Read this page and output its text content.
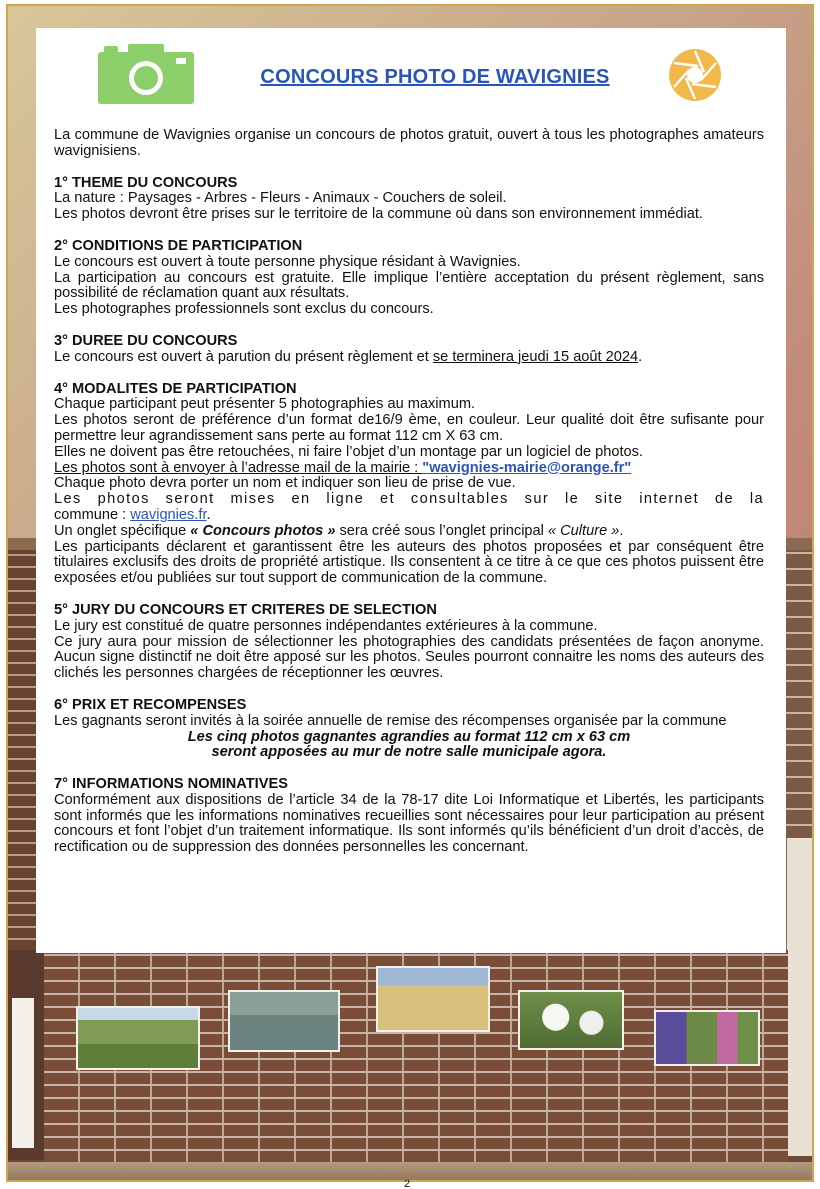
CONCOURS PHOTO DE WAVIGNIES

La commune de Wavignies organise un concours de photos gratuit, ouvert à tous les photographes amateurs wavignisiens.

1° THEME DU CONCOURS

La nature : Paysages - Arbres - Fleurs - Animaux - Couchers de soleil.

Les photos devront être prises sur le territoire de la commune où dans son environnement immédiat.

2° CONDITIONS DE PARTICIPATION

Le concours est ouvert à toute personne physique résidant à Wavignies.

La participation au concours est gratuite. Elle implique l’entière acceptation du présent règlement, sans possibilité de réclamation quant aux résultats.

Les photographes professionnels sont exclus du concours.

3° DUREE DU CONCOURS

Le concours est ouvert à parution du présent règlement et se terminera jeudi 15 août 2024.

4° MODALITES DE PARTICIPATION

Chaque participant peut présenter 5 photographies au maximum.

Les photos seront de préférence d’un format de16/9 ème, en couleur. Leur qualité doit être sufisante pour permettre leur agrandissement sans perte au format 112 cm X 63 cm.

Elles ne doivent pas être retouchées, ni faire l’objet d’un montage par un logiciel de photos.

Les photos sont à envoyer à l’adresse mail de la mairie : "wavignies-mairie@orange.fr"

Chaque photo devra porter un nom et indiquer son lieu de prise de vue.

Les photos seront mises en ligne et consultables sur le site internet de la

commune : wavignies.fr.

Un onglet spécifique « Concours photos » sera créé sous l’onglet principal « Culture ».

Les participants déclarent et garantissent être les auteurs des photos proposées et par conséquent être titulaires exclusifs des droits de propriété artistique. Ils consentent à ce titre à ce que ces photos puissent être exposées et/ou publiées sur tout support de communication de la commune.

5° JURY DU CONCOURS ET CRITERES DE SELECTION

Le jury est constitué de quatre personnes indépendantes extérieures à la commune.

Ce jury aura pour mission de sélectionner les photographies des candidats présentées de façon anonyme. Aucun signe distinctif ne doit être apposé sur les photos. Seules pourront connaitre les noms des auteurs des clichés les personnes chargées de réceptionner les œuvres.

6° PRIX ET RECOMPENSES

Les gagnants seront invités à la soirée annuelle de remise des récompenses organisée par la commune

Les cinq photos gagnantes agrandies au format 112 cm x 63 cm

seront apposées au mur de notre salle municipale agora.

7° INFORMATIONS NOMINATIVES

Conformément aux dispositions de l’article 34 de la 78-17 dite Loi Informatique et Libertés, les participants sont informés que les informations nominatives recueillies sont nécessaires pour leur participation au présent concours et font l’objet d’un traitement informatique. Ils sont informés qu’ils bénéficient d’un droit d’accès, de rectification ou de suppression des données personnelles les concernant.

2
